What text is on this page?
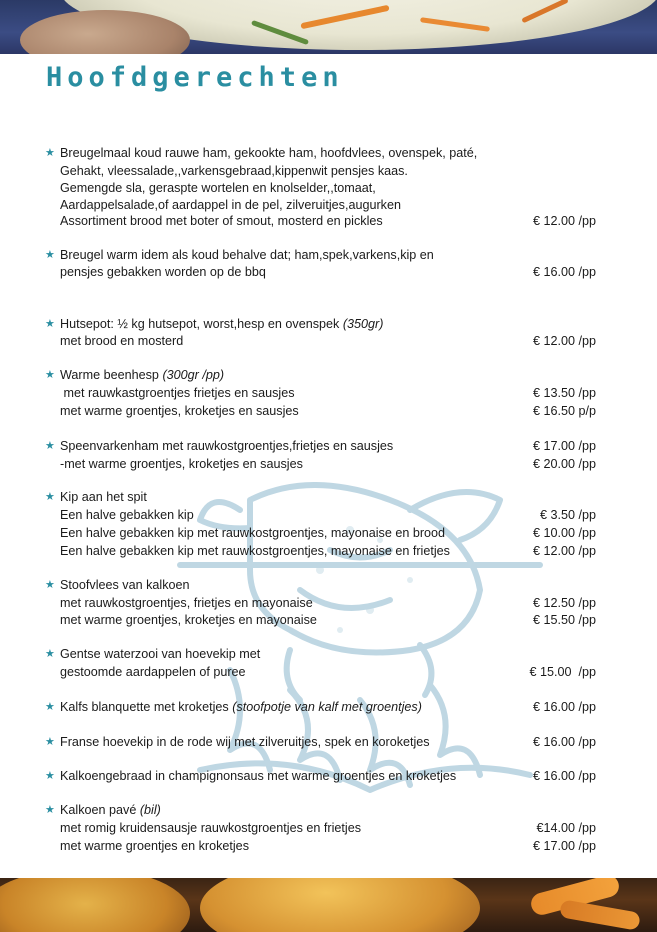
Hoofdgerechten
★ Breugelmaal koud rauwe ham, gekookte ham, hoofdvlees, ovenspek, paté,
Gehakt, vleessalade,,varkensgebraad,kippenwit pensjes kaas.
Gemengde sla, geraspte wortelen en knolselder,,tomaat,
Aardappelsalade,of aardappel in de pel, zilveruitjes,augurken
Assortiment brood met boter of smout, mosterd en pickles	€ 12.00 /pp
★ Breugel warm idem als koud behalve dat; ham,spek,varkens,kip en
pensjes gebakken worden op de bbq	€ 16.00 /pp
★ Hutsepot: ½ kg hutsepot, worst,hesp en ovenspek (350gr)
met brood en mosterd	€ 12.00 /pp
★ Warme beenhesp (300gr /pp)
met rauwkastgroentjes frietjes en sausjes	€ 13.50 /pp
met warme groentjes, kroketjes en sausjes	€ 16.50 p/p
★ Speenvarkenham met rauwkostgroentjes,frietjes en sausjes	€ 17.00 /pp
-met warme groentjes, kroketjes en sausjes	€ 20.00 /pp
★ Kip aan het spit
Een halve gebakken kip	€ 3.50 /pp
Een halve gebakken kip met rauwkostgroentjes, mayonaise en brood	€ 10.00 /pp
Een halve gebakken kip met rauwkostgroentjes, mayonaise en frietjes	€ 12.00 /pp
★ Stoofvlees van kalkoen
met rauwkostgroentjes, frietjes en mayonaise	€ 12.50 /pp
met warme groentjes, kroketjes en mayonaise	€ 15.50 /pp
★ Gentse waterzooi van hoevekip met
gestoomde aardappelen of puree	€ 15.00  /pp
★ Kalfs blanquette met kroketjes (stoofpotje van kalf met groentjes)	€ 16.00 /pp
★ Franse hoevekip in de rode wij met zilveruitjes, spek en koroketjes	€ 16.00 /pp
★ Kalkoengebraad in champignonsaus met warme groentjes en kroketjes	€ 16.00 /pp
★ Kalkoen pavé (bil)
met romig kruidensausje rauwkostgroentjes en frietjes	€14.00 /pp
met warme groentjes en kroketjes	€ 17.00 /pp
